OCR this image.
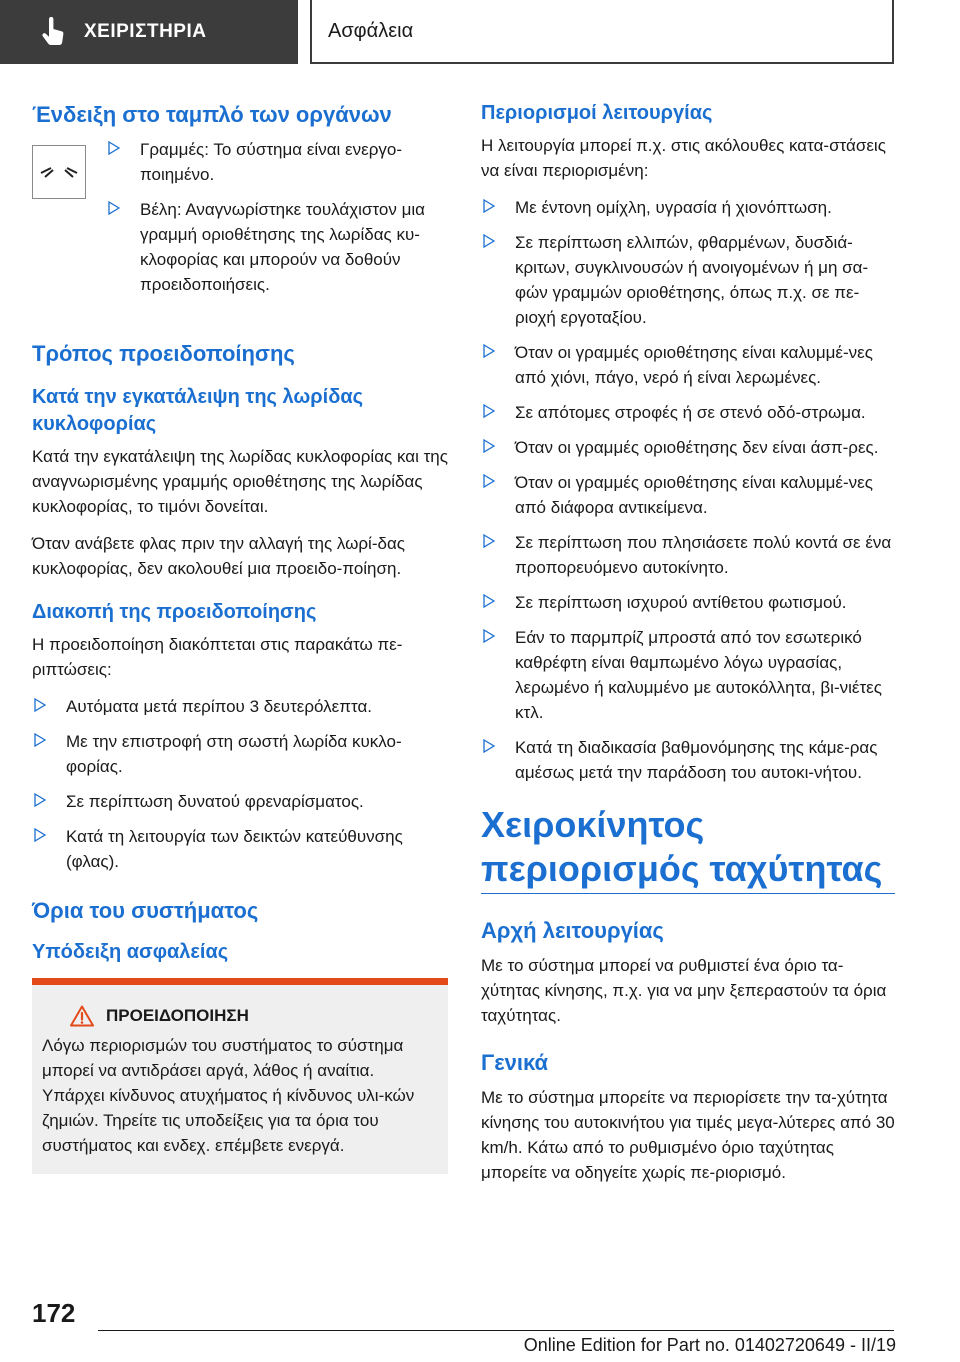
ΧΕΙΡΙΣΤΗΡΙΑ	Ασφάλεια
Ένδειξη στο ταμπλό των οργάνων
Γραμμές: Το σύστημα είναι ενεργο-ποιημένο.
Βέλη: Αναγνωρίστηκε τουλάχιστον μια γραμμή οριοθέτησης της λωρίδας κυ-κλοφορίας και μπορούν να δοθούν προειδοποιήσεις.
Τρόπος προειδοποίησης
Κατά την εγκατάλειψη της λωρίδας κυκλοφορίας

Κατά την εγκατάλειψη της λωρίδας κυκλοφορίας και της αναγνωρισμένης γραμμής οριοθέτησης της λωρίδας κυκλοφορίας, το τιμόνι δονείται.

Όταν ανάβετε φλας πριν την αλλαγή της λωρί-δας κυκλοφορίας, δεν ακολουθεί μια προειδο-ποίηση.

Διακοπή της προειδοποίησης

Η προειδοποίηση διακόπτεται στις παρακάτω πε-ριπτώσεις:

Αυτόματα μετά περίπου 3 δευτερόλεπτα.
Με την επιστροφή στη σωστή λωρίδα κυκλο-φορίας.
Σε περίπτωση δυνατού φρεναρίσματος.
Κατά τη λειτουργία των δεικτών κατεύθυνσης (φλας).
Όρια του συστήματος
Υπόδειξη ασφαλείας
ΠΡΟΕΙΔΟΠΟΙΗΣΗ

Λόγω περιορισμών του συστήματος το σύστημα μπορεί να αντιδράσει αργά, λάθος ή αναίτια. Υπάρχει κίνδυνος ατυχήματος ή κίνδυνος υλι-κών ζημιών. Τηρείτε τις υποδείξεις για τα όρια του συστήματος και ενδεχ. επέμβετε ενεργά.

Περιορισμοί λειτουργίας

Η λειτουργία μπορεί π.χ. στις ακόλουθες κατα-στάσεις να είναι περιορισμένη:

Με έντονη ομίχλη, υγρασία ή χιονόπτωση.
Σε περίπτωση ελλιπών, φθαρμένων, δυσδιά-κριτων, συγκλινουσών ή ανοιγομένων ή μη σα-φών γραμμών οριοθέτησης, όπως π.χ. σε πε-ριοχή εργοταξίου.
Όταν οι γραμμές οριοθέτησης είναι καλυμμέ-νες από χιόνι, πάγο, νερό ή είναι λερωμένες.
Σε απότομες στροφές ή σε στενό οδό-στρωμα.
Όταν οι γραμμές οριοθέτησης δεν είναι άσπ-ρες.
Όταν οι γραμμές οριοθέτησης είναι καλυμμέ-νες από διάφορα αντικείμενα.
Σε περίπτωση που πλησιάσετε πολύ κοντά σε ένα προπορευόμενο αυτοκίνητο.
Σε περίπτωση ισχυρού αντίθετου φωτισμού.
Εάν το παρμπρίζ μπροστά από τον εσωτερικό καθρέφτη είναι θαμπωμένο λόγω υγρασίας, λερωμένο ή καλυμμένο με αυτοκόλλητα, βι-νιέτες κτλ.
Κατά τη διαδικασία βαθμονόμησης της κάμε-ρας αμέσως μετά την παράδοση του αυτοκι-νήτου.
Χειροκίνητος περιορισμός ταχύτητας
Αρχή λειτουργίας

Με το σύστημα μπορεί να ρυθμιστεί ένα όριο τα-χύτητας κίνησης, π.χ. για να μην ξεπεραστούν τα όρια ταχύτητας.

Γενικά

Με το σύστημα μπορείτε να περιορίσετε την τα-χύτητα κίνησης του αυτοκινήτου για τιμές μεγα-λύτερες από 30 km/h. Κάτω από το ρυθμισμένο όριο ταχύτητας μπορείτε να οδηγείτε χωρίς πε-ριορισμό.

172
Online Edition for Part no. 01402720649 - II/19
